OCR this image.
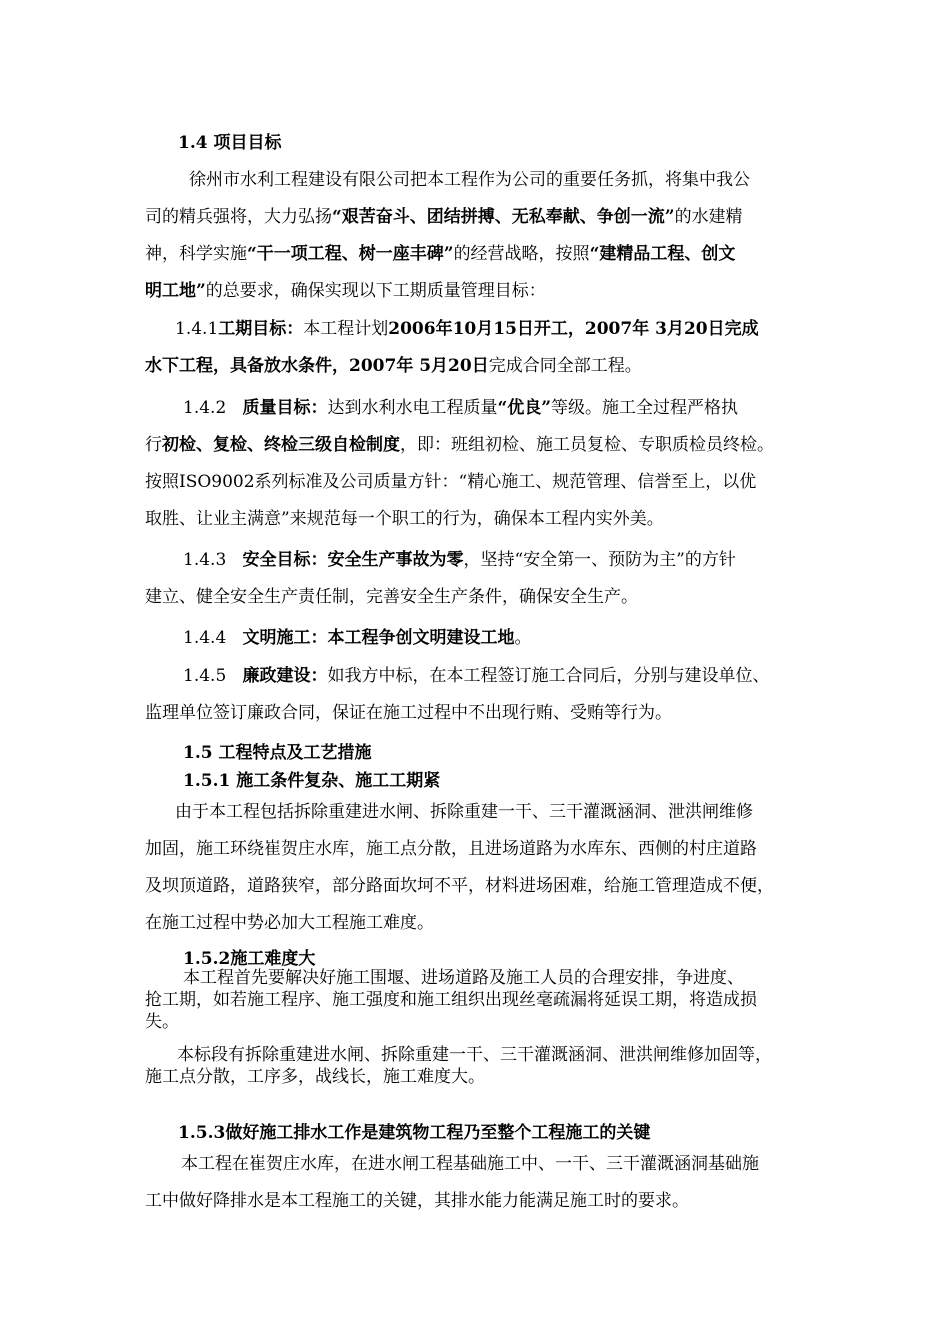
1.4 项目目标
徐州市水利工程建设有限公司把本工程作为公司的重要任务抓，将集中我公
司的精兵强将，大力弘扬“艰苦奋斗、团结拼搏、无私奉献、争创一流”的水建精
神，科学实施“干一项工程、树一座丰碑”的经营战略，按照“建精品工程、创文
明工地”的总要求，确保实现以下工期质量管理目标：
1.4.1工期目标：本工程计划2006年10月15日开工，2007年 3月20日完成
水下工程，具备放水条件，2007年 5月20日完成合同全部工程。
1.4.2 质量目标：达到水利水电工程质量“优良”等级。施工全过程严格执
行初检、复检、终检三级自检制度，即：班组初检、施工员复检、专职质检员终检。
按照ISO9002系列标准及公司质量方针：“精心施工、规范管理、信誉至上，以优
取胜、让业主满意”来规范每一个职工的行为，确保本工程内实外美。
1.4.3 安全目标：安全生产事故为零，坚持“安全第一、预防为主”的方针
建立、健全安全生产责任制，完善安全生产条件，确保安全生产。
1.4.4 文明施工：本工程争创文明建设工地。
1.4.5 廉政建设：如我方中标，在本工程签订施工合同后，分别与建设单位、
监理单位签订廉政合同，保证在施工过程中不出现行贿、受贿等行为。
1.5 工程特点及工艺措施
1.5.1 施工条件复杂、施工工期紧
由于本工程包括拆除重建进水闸、拆除重建一干、三干灌溉涵洞、泄洪闸维修
加固，施工环绕崔贺庄水库，施工点分散，且进场道路为水库东、西侧的村庄道路
及坝顶道路，道路狭窄，部分路面坎坷不平，材料进场困难，给施工管理造成不便，
在施工过程中势必加大工程施工难度。
1.5.2施工难度大
本工程首先要解决好施工围堰、进场道路及施工人员的合理安排，争进度、
抢工期，如若施工程序、施工强度和施工组织出现丝毫疏漏将延误工期，将造成损
失。
本标段有拆除重建进水闸、拆除重建一干、三干灌溉涵洞、泄洪闸维修加固等，
施工点分散，工序多，战线长，施工难度大。
1.5.3做好施工排水工作是建筑物工程乃至整个工程施工的关键
本工程在崔贺庄水库，在进水闸工程基础施工中、一干、三干灌溉涵洞基础施
工中做好降排水是本工程施工的关键，其排水能力能满足施工时的要求。
